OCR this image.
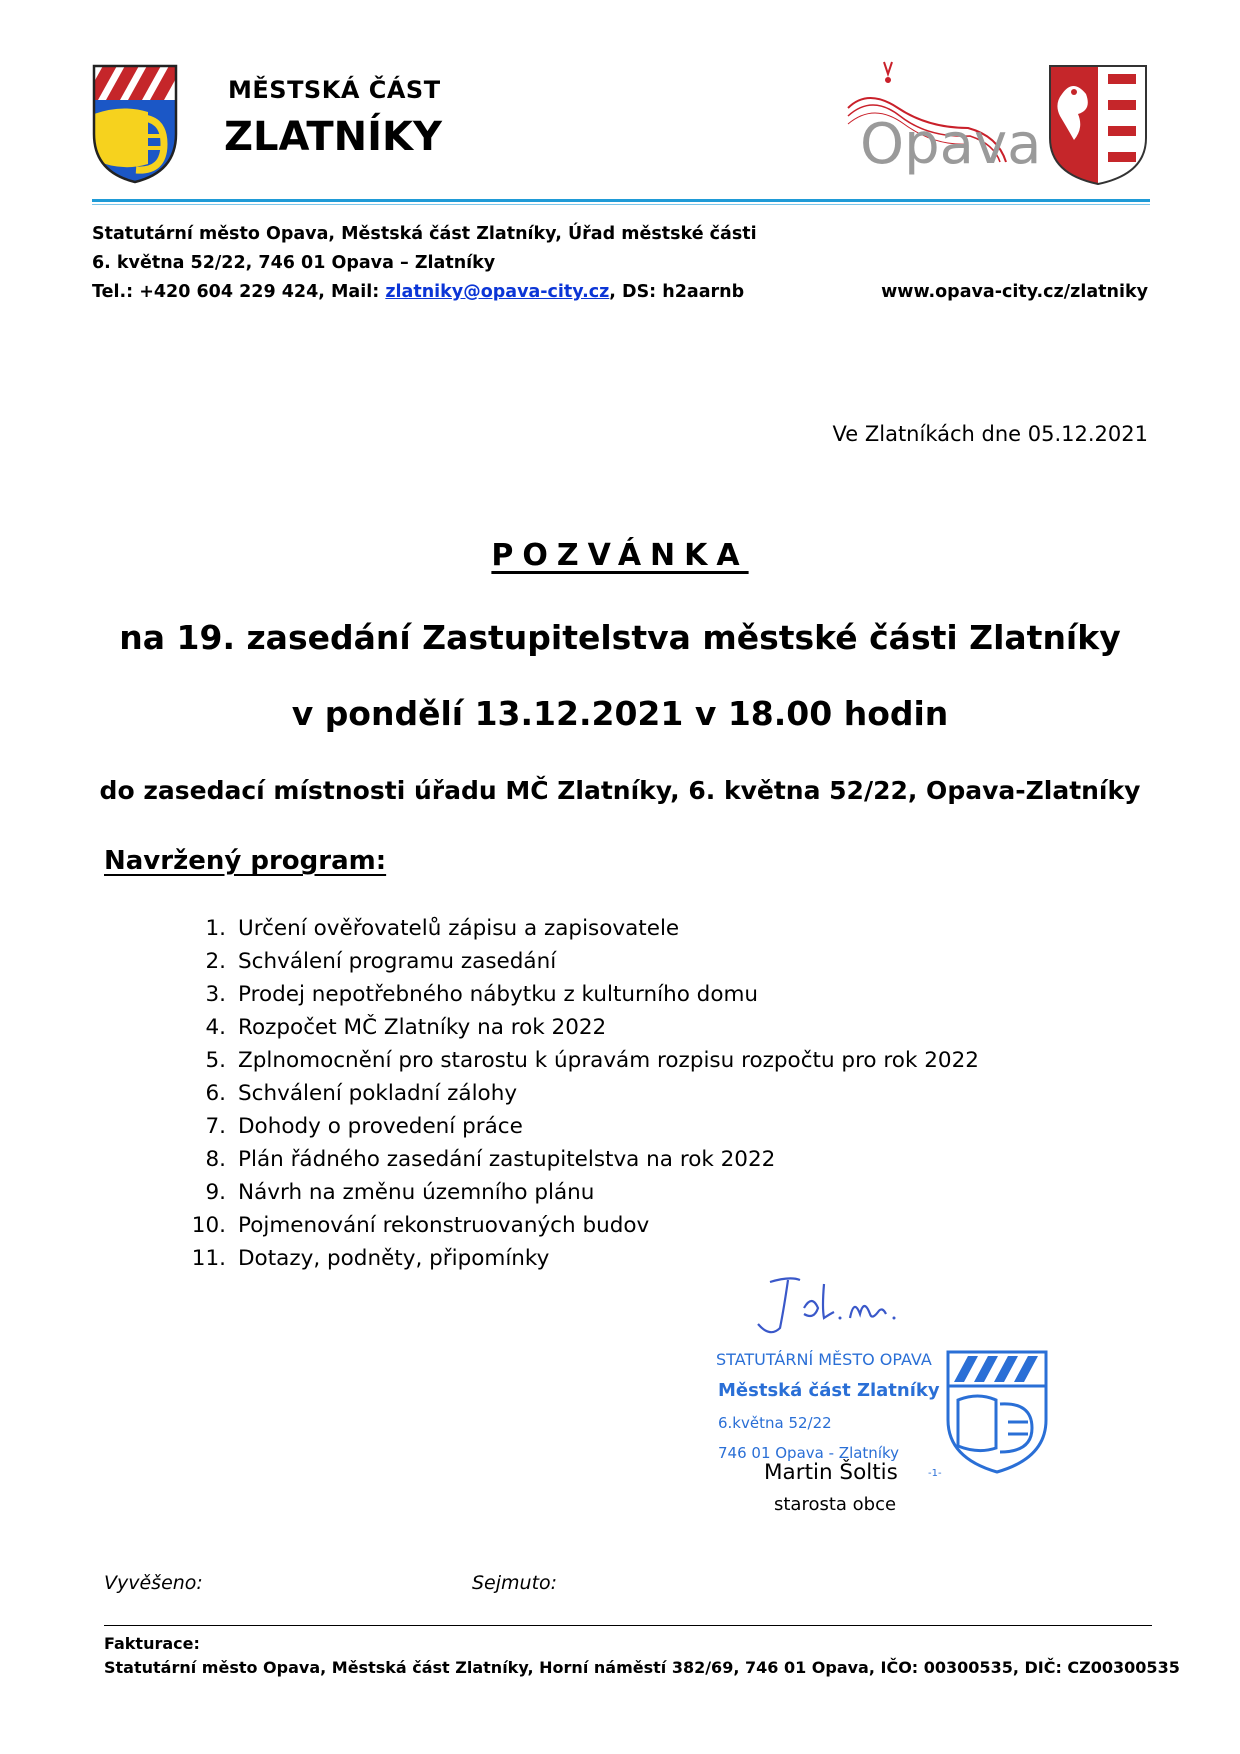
MĚSTSKÁ ČÁST
ZLATNÍKY	Opava
Statutární město Opava, Městská část Zlatníky, Úřad městské části
6. května 52/22, 746 01 Opava – Zlatníky
Tel.: +420 604 229 424, Mail: zlatniky@opava-city.cz, DS: h2aarnb	www.opava-city.cz/zlatniky
Ve Zlatníkách dne 05.12.2021
POZVÁNKA
na 19. zasedání Zastupitelstva městské části Zlatníky
v pondělí 13.12.2021 v 18.00 hodin
do zasedací místnosti úřadu MČ Zlatníky, 6. května 52/22, Opava-Zlatníky
Navržený program:
1. Určení ověřovatelů zápisu a zapisovatele
2. Schválení programu zasedání
3. Prodej nepotřebného nábytku z kulturního domu
4. Rozpočet MČ Zlatníky na rok 2022
5. Zplnomocnění pro starostu k úpravám rozpisu rozpočtu pro rok 2022
6. Schválení pokladní zálohy
7. Dohody o provedení práce
8. Plán řádného zasedání zastupitelstva na rok 2022
9. Návrh na změnu územního plánu
10. Pojmenování rekonstruovaných budov
11. Dotazy, podněty, připomínky
-1-
STATUTÁRNÍ MĚSTO OPAVA
Městská část Zlatníky
6.května 52/22
746 01 Opava - Zlatníky
Martin Šoltis
starosta obce
Vyvěšeno:	Sejmuto:
Fakturace:
Statutární město Opava, Městská část Zlatníky, Horní náměstí 382/69, 746 01 Opava, IČO: 00300535, DIČ: CZ00300535
